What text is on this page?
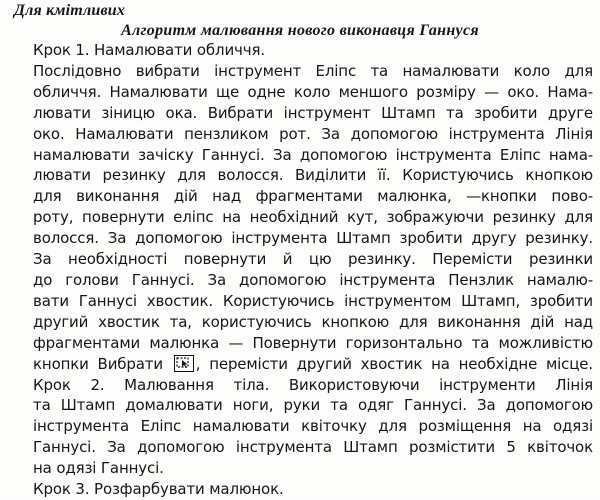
Для кмітливих
Алгоритм малювання нового виконавця Ганнуся
Крок 1. Намалювати обличчя.
Послідовно вибрати інструмент Еліпс та намалювати коло для
обличчя. Намалювати ще одне коло меншого розміру — око. Нама-
лювати зіницю ока. Вибрати інструмент Штамп та зробити друге
око. Намалювати пензликом рот. За допомогою інструмента Лінія
намалювати зачіску Ганнусі. За допомогою інструмента Еліпс нама-
лювати резинку для волосся. Виділити її. Користуючись кнопкою
для виконання дій над фрагментами малюнка, —кнопки пово-
роту, повернути еліпс на необхідний кут, зображуючи резинку для
волосся. За допомогою інструмента Штамп зробити другу резинку.
За необхідності повернути й цю резинку. Перемісти резинки
до голови Ганнусі. За допомогою інструмента Пензлик намалю-
вати Ганнусі хвостик. Користуючись інструментом Штамп, зробити
другий хвостик та, користуючись кнопкою для виконання дій над
фрагментами малюнка — Повернути горизонтально та можливістю
кнопки Вибрати , перемісти другий хвостик на необхідне місце.
Крок 2. Малювання тіла. Використовуючи інструменти Лінія
та Штамп домалювати ноги, руки та одяг Ганнусі. За допомогою
інструмента Еліпс намалювати квіточку для розміщення на одязі
Ганнусі. За допомогою інструмента Штамп розмістити 5 квіточок
на одязі Ганнусі.
Крок 3. Розфарбувати малюнок.
